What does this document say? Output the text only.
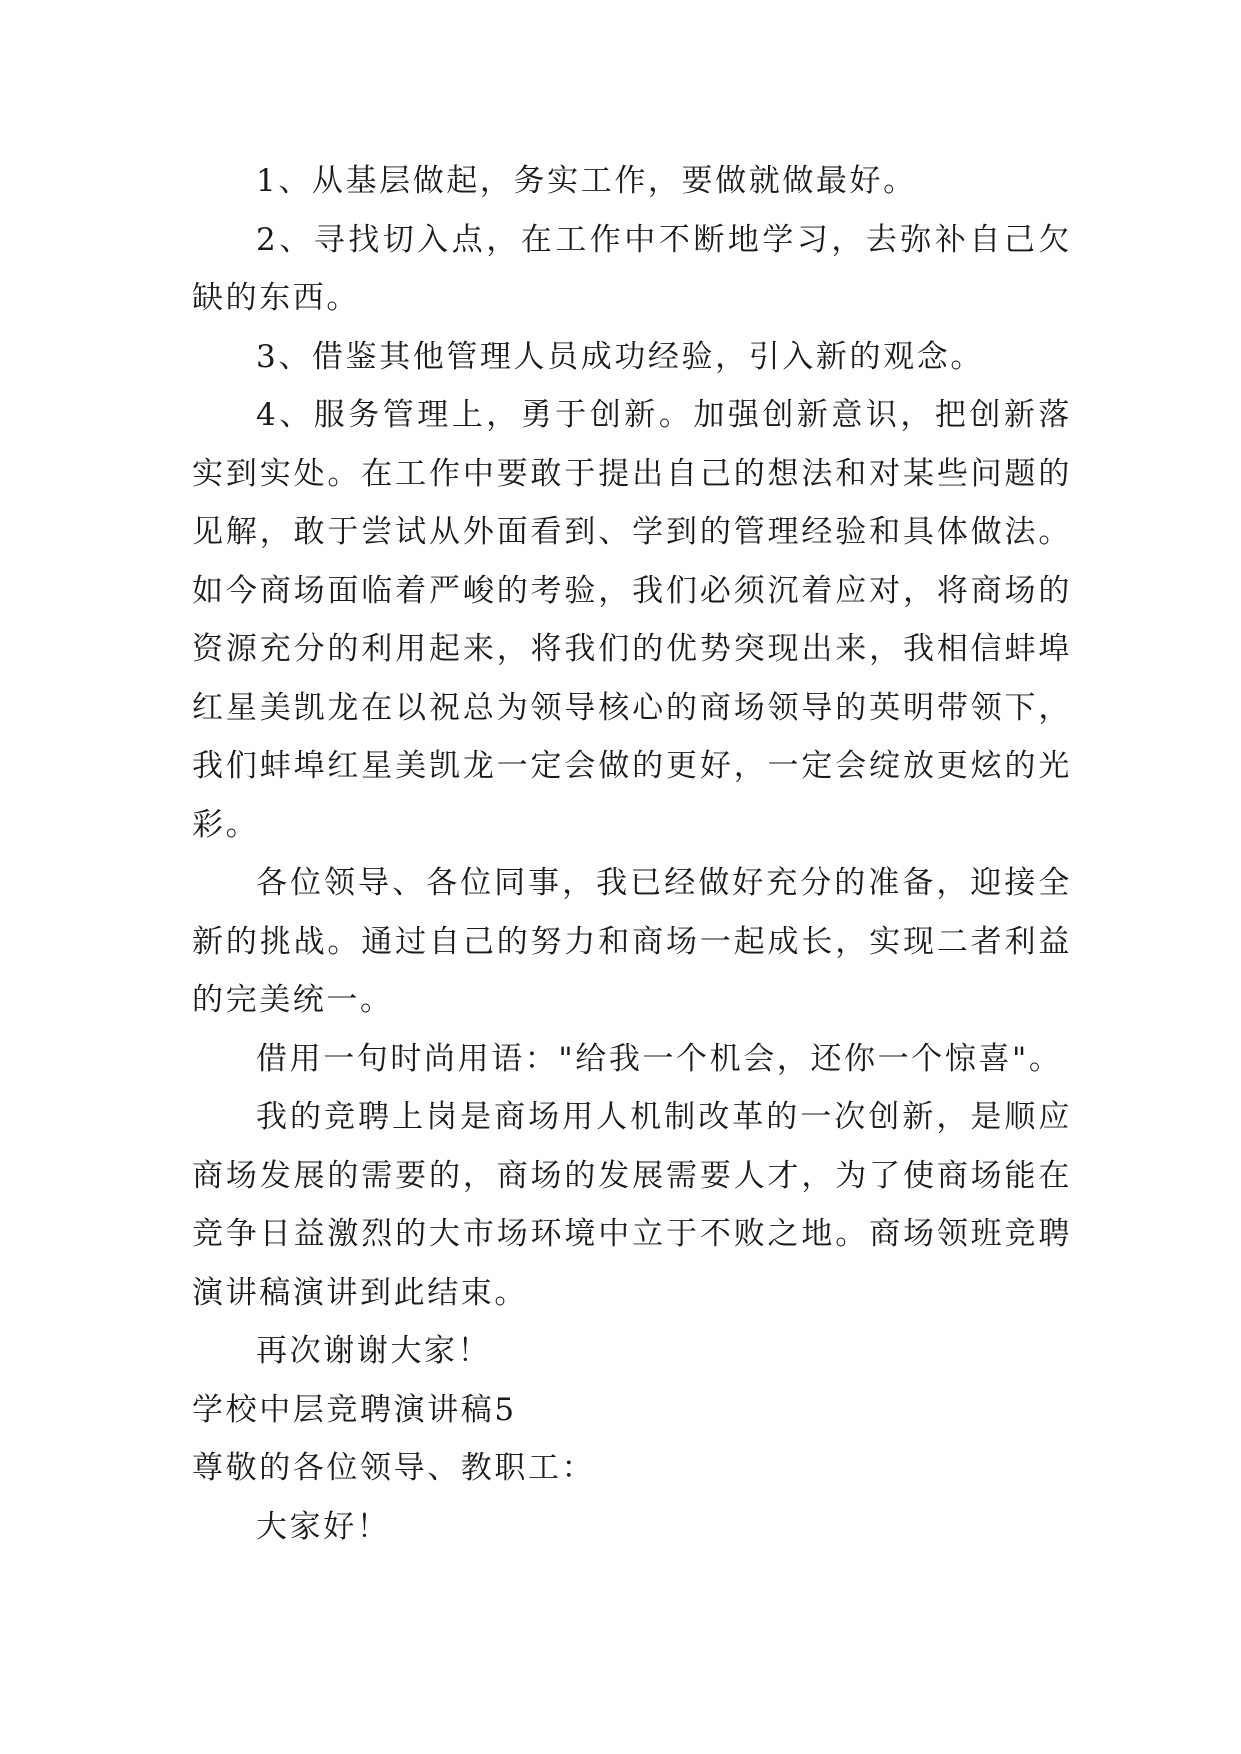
1、从基层做起，务实工作，要做就做最好。

2、寻找切入点，在工作中不断地学习，去弥补自己欠缺的东西。

3、借鉴其他管理人员成功经验，引入新的观念。

4、服务管理上，勇于创新。加强创新意识，把创新落实到实处。在工作中要敢于提出自己的想法和对某些问题的见解，敢于尝试从外面看到、学到的管理经验和具体做法。如今商场面临着严峻的考验，我们必须沉着应对，将商场的资源充分的利用起来，将我们的优势突现出来，我相信蚌埠红星美凯龙在以祝总为领导核心的商场领导的英明带领下，我们蚌埠红星美凯龙一定会做的更好，一定会绽放更炫的光彩。

各位领导、各位同事，我已经做好充分的准备，迎接全新的挑战。通过自己的努力和商场一起成长，实现二者利益的完美统一。

借用一句时尚用语："给我一个机会，还你一个惊喜"。

我的竞聘上岗是商场用人机制改革的一次创新，是顺应商场发展的需要的，商场的发展需要人才，为了使商场能在竞争日益激烈的大市场环境中立于不败之地。商场领班竞聘演讲稿演讲到此结束。

再次谢谢大家！

学校中层竞聘演讲稿5

尊敬的各位领导、教职工：

大家好！
